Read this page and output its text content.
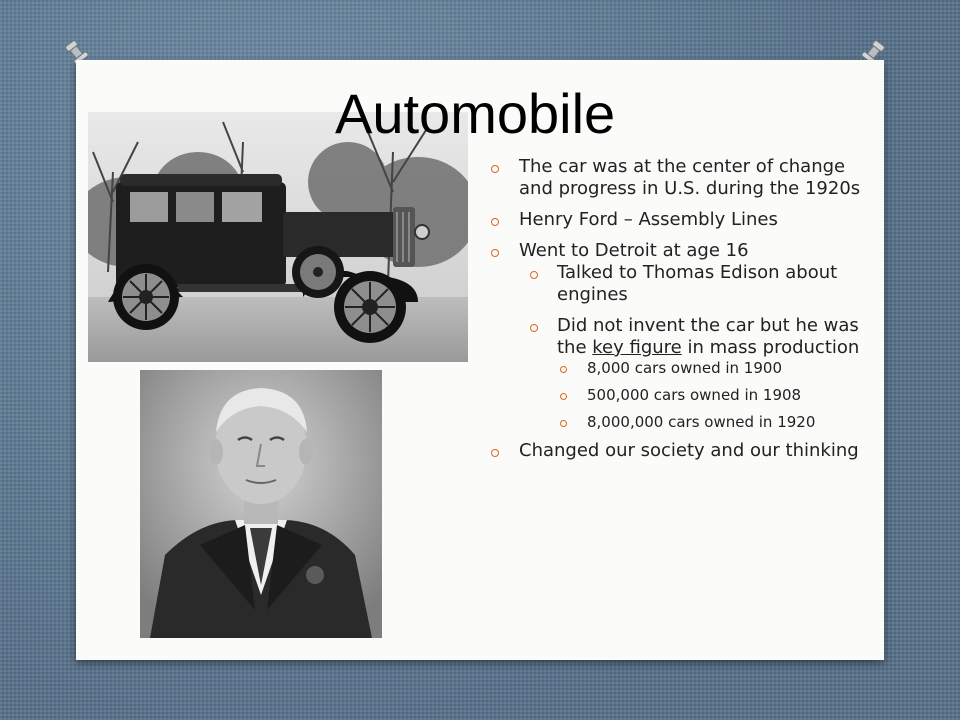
Automobile
The car was at the center of change and progress in U.S. during the 1920s
Henry Ford – Assembly Lines
Went to Detroit at age 16
Talked to Thomas Edison about engines
Did not invent the car but he was the key figure in mass production
8,000 cars owned in 1900
500,000 cars owned in 1908
8,000,000 cars owned in 1920
Changed our society and our thinking
